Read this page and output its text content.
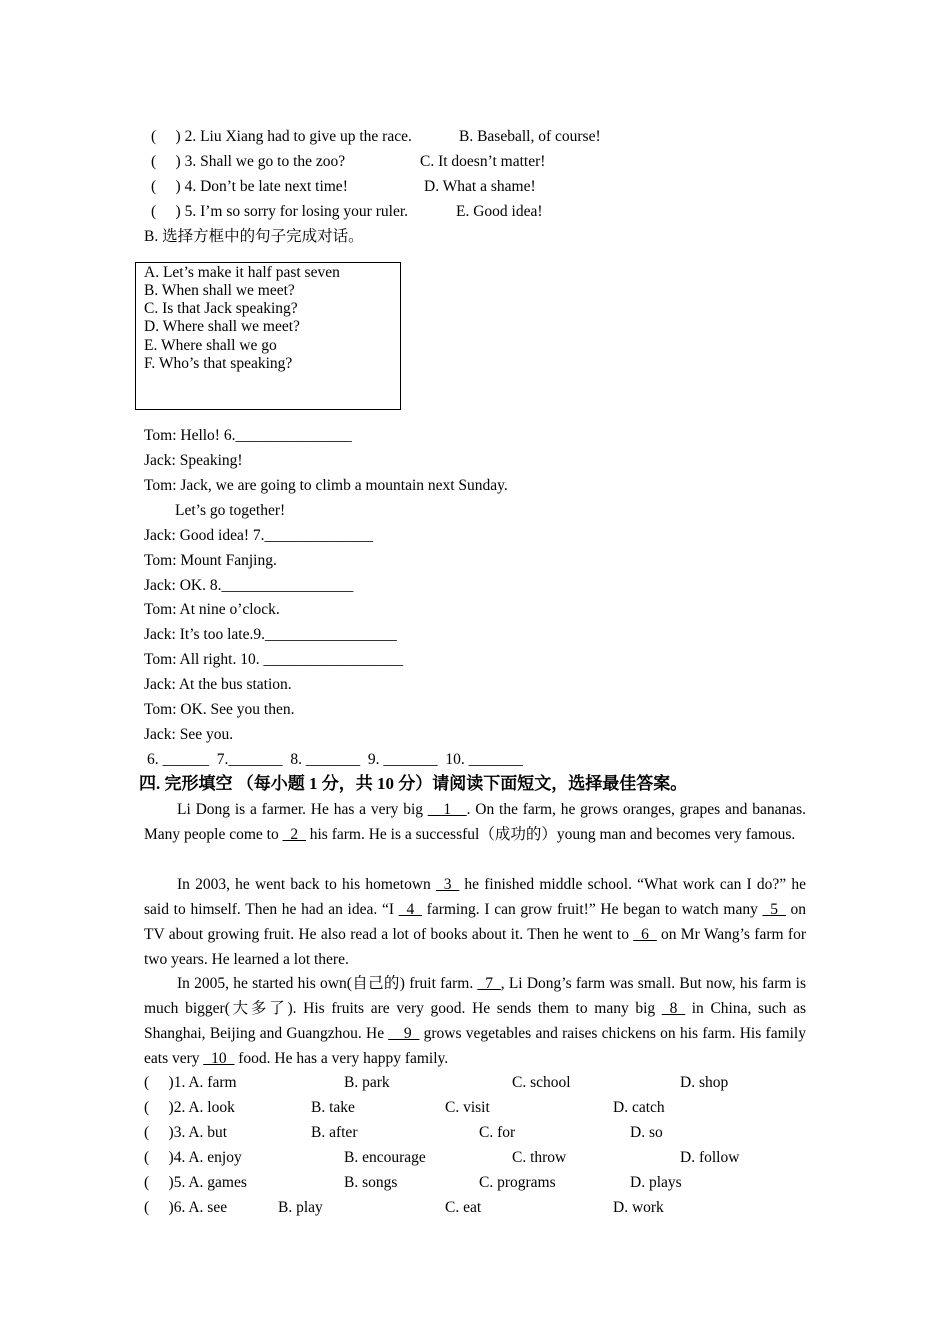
(     ) 2. Liu Xiang had to give up the race.	B. Baseball, of course!
(     ) 3. Shall we go to the zoo?	C. It doesn’t matter!
(     ) 4. Don’t be late next time!	D. What a shame!
(     ) 5. I’m so sorry for losing your ruler.	E. Good idea!
B. 选择方框中的句子完成对话。
A. Let’s make it half past seven
B. When shall we meet?
C. Is that Jack speaking?
D. Where shall we meet?
E. Where shall we go
F. Who’s that speaking?
Tom: Hello! 6._______________
Jack: Speaking!
Tom: Jack, we are going to climb a mountain next Sunday.
Let’s go together!
Jack: Good idea! 7.______________
Tom: Mount Fanjing.
Jack: OK. 8._________________
Tom: At nine o’clock.
Jack: It’s too late.9._________________
Tom: All right. 10. __________________
Jack: At the bus station.
Tom: OK. See you then.
Jack: See you.
6. ______  7._______  8. _______  9. _______  10. _______
四. 完形填空 （每小题 1 分，共 10 分）请阅读下面短文，选择最佳答案。
Li Dong is a farmer. He has a very big __1__. On the farm, he grows oranges, grapes and bananas. Many people come to _2_ his farm. He is a successful（成功的）young man and becomes very famous.
In 2003, he went back to his hometown _3_ he finished middle school. “What work can I do?” he said to himself. Then he had an idea. “I _4_ farming. I can grow fruit!” He began to watch many _5_ on TV about growing fruit. He also read a lot of books about it. Then he went to _6_ on Mr Wang’s farm for two years. He learned a lot there.
In 2005, he started his own(自己的) fruit farm. _7_, Li Dong’s farm was small. But now, his farm is much bigger(大多了). His fruits are very good. He sends them to many big _8_ in China, such as Shanghai, Beijing and Guangzhou. He __9_ grows vegetables and raises chickens on his farm. His family eats very _10_ food. He has a very happy family.
(     )1. A. farm	B. park	C. school	D. shop
(     )2. A. look	B. take	C. visit	D. catch
(     )3. A. but	B. after	C. for	D. so
(     )4. A. enjoy	B. encourage	C. throw	D. follow
(     )5. A. games	B. songs	C. programs	D. plays
(     )6. A. see	B. play	C. eat	D. work
